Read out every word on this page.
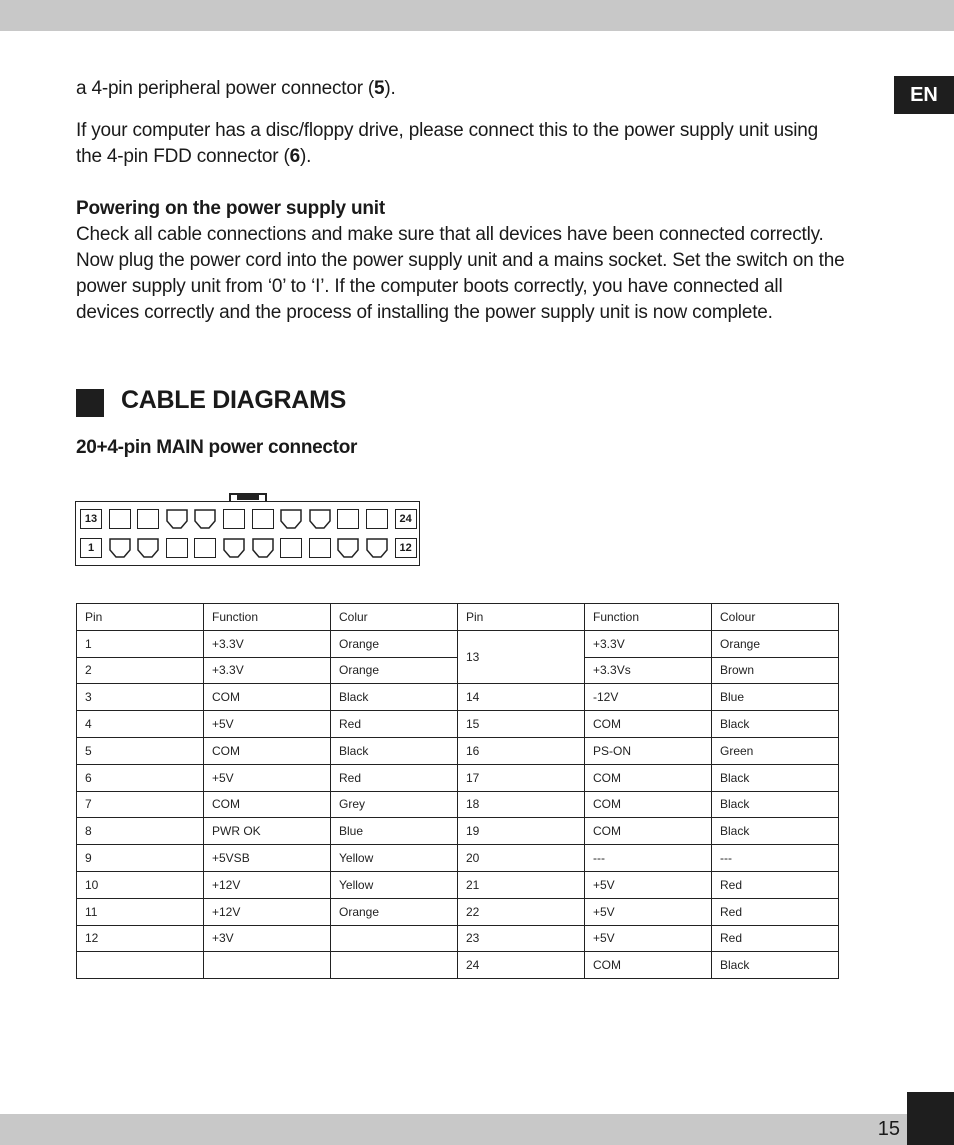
EN
a 4-pin peripheral power connector (5).
If your computer has a disc/floppy drive, please connect this to the power supply unit using the 4-pin FDD connector (6).
Powering on the power supply unit
Check all cable connections and make sure that all devices have been connected correctly. Now plug the power cord into the power supply unit and a mains socket. Set the switch on the power supply unit from ‘0’ to ‘I’. If the computer boots correctly, you have connected all devices correctly and the process of installing the power supply unit is now complete.
CABLE DIAGRAMS
20+4-pin MAIN power connector
13	24
1	12
Pin	Function	Colur	Pin	Function	Colour
1	+3.3V	Orange	13	+3.3V	Orange
2	+3.3V	Orange		+3.3Vs	Brown
3	COM	Black	14	-12V	Blue
4	+5V	Red	15	COM	Black
5	COM	Black	16	PS-ON	Green
6	+5V	Red	17	COM	Black
7	COM	Grey	18	COM	Black
8	PWR OK	Blue	19	COM	Black
9	+5VSB	Yellow	20	---	---
10	+12V	Yellow	21	+5V	Red
11	+12V	Orange	22	+5V	Red
12	+3V		23	+5V	Red
			24	COM	Black
15
